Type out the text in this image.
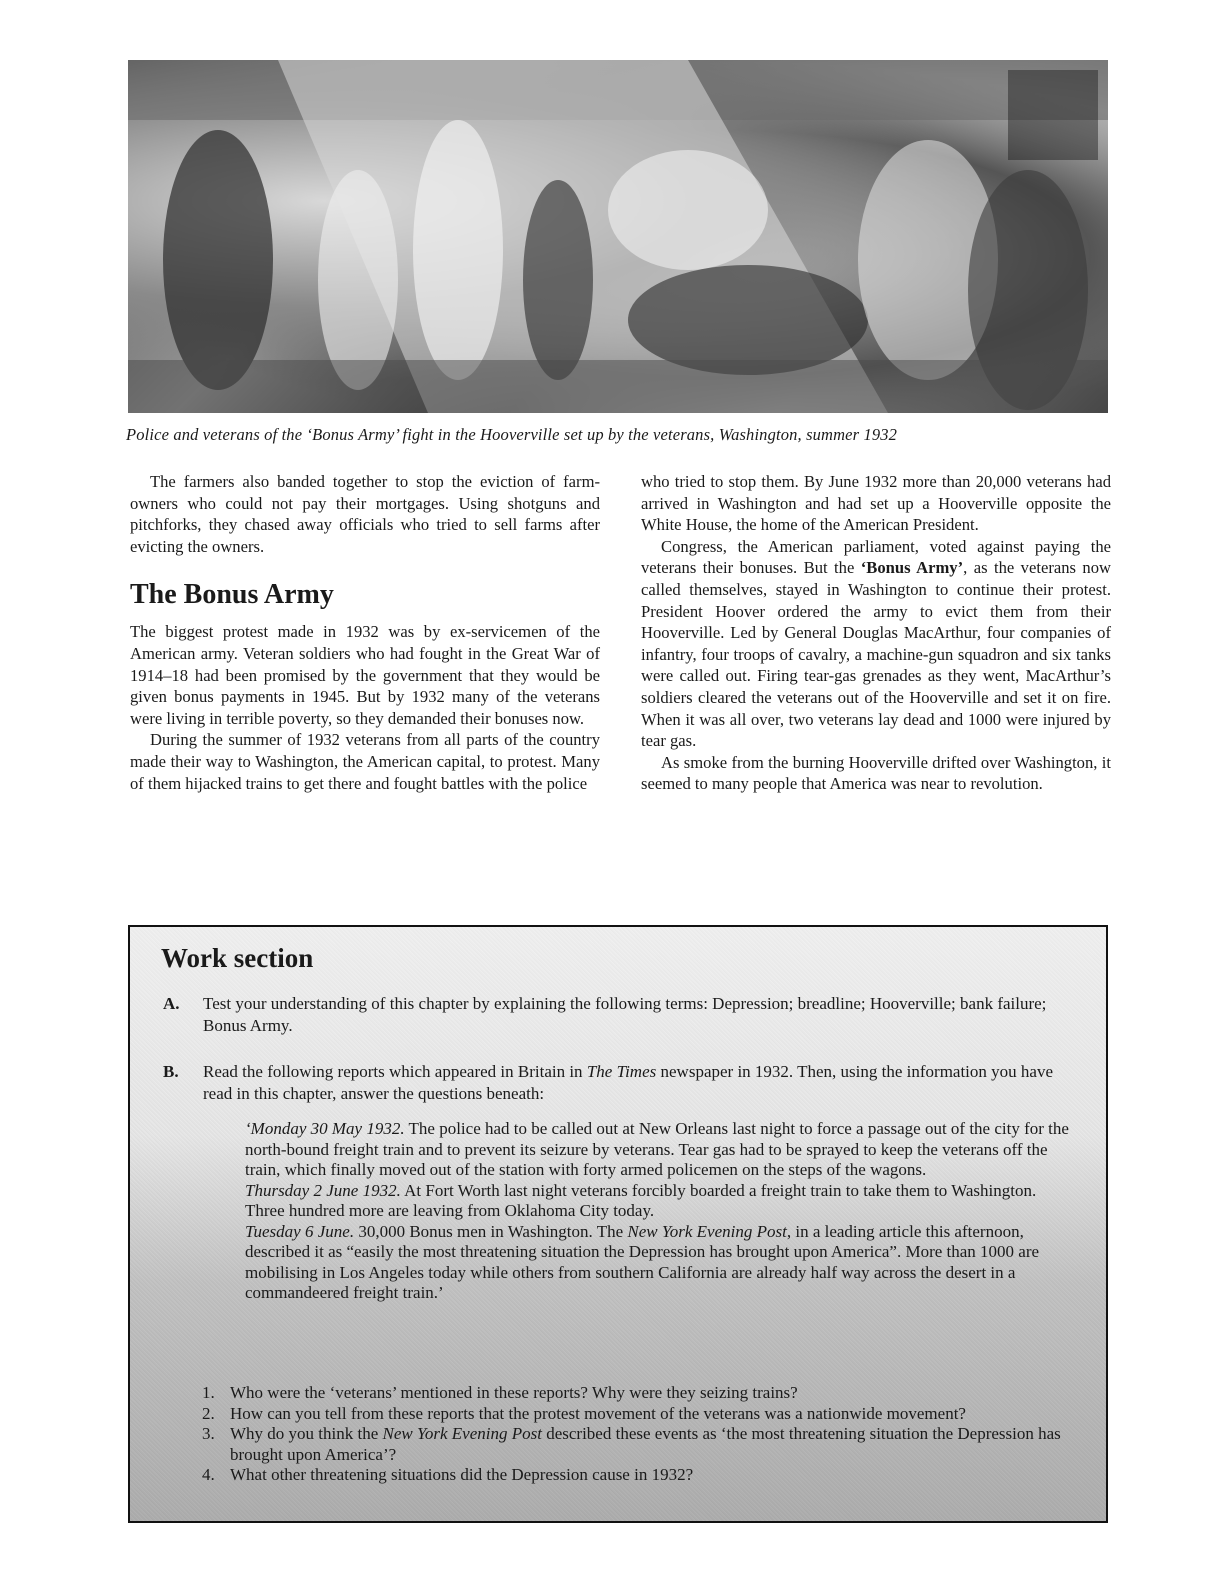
Police and veterans of the ‘Bonus Army’ fight in the Hooverville set up by the veterans, Washington, summer 1932

The farmers also banded together to stop the eviction of farm-owners who could not pay their mortgages. Using shotguns and pitchforks, they chased away officials who tried to sell farms after evicting the owners.

The Bonus Army

The biggest protest made in 1932 was by ex-servicemen of the American army. Veteran soldiers who had fought in the Great War of 1914–18 had been promised by the government that they would be given bonus payments in 1945. But by 1932 many of the veterans were living in terrible poverty, so they demanded their bonuses now.

During the summer of 1932 veterans from all parts of the country made their way to Washington, the American capital, to protest. Many of them hijacked trains to get there and fought battles with the police

who tried to stop them. By June 1932 more than 20,000 veterans had arrived in Washington and had set up a Hooverville opposite the White House, the home of the American President.

Congress, the American parliament, voted against paying the veterans their bonuses. But the ‘Bonus Army’, as the veterans now called themselves, stayed in Washington to continue their protest. President Hoover ordered the army to evict them from their Hooverville. Led by General Douglas MacArthur, four companies of infantry, four troops of cavalry, a machine-gun squadron and six tanks were called out. Firing tear-gas grenades as they went, MacArthur’s soldiers cleared the veterans out of the Hooverville and set it on fire. When it was all over, two veterans lay dead and 1000 were injured by tear gas.

As smoke from the burning Hooverville drifted over Washington, it seemed to many people that America was near to revolution.

Work section
A. Test your understanding of this chapter by explaining the following terms: Depression; breadline; Hooverville; bank failure; Bonus Army.
B. Read the following reports which appeared in Britain in The Times newspaper in 1932. Then, using the information you have read in this chapter, answer the questions beneath:

‘Monday 30 May 1932. The police had to be called out at New Orleans last night to force a passage out of the city for the north-bound freight train and to prevent its seizure by veterans. Tear gas had to be sprayed to keep the veterans off the train, which finally moved out of the station with forty armed policemen on the steps of the wagons.

Thursday 2 June 1932. At Fort Worth last night veterans forcibly boarded a freight train to take them to Washington. Three hundred more are leaving from Oklahoma City today.

Tuesday 6 June. 30,000 Bonus men in Washington. The New York Evening Post, in a leading article this afternoon, described it as “easily the most threatening situation the Depression has brought upon America”. More than 1000 are mobilising in Los Angeles today while others from southern California are already half way across the desert in a commandeered freight train.’

1. Who were the ‘veterans’ mentioned in these reports? Why were they seizing trains?
2. How can you tell from these reports that the protest movement of the veterans was a nationwide movement?
3. Why do you think the New York Evening Post described these events as ‘the most threatening situation the Depression has brought upon America’?
4. What other threatening situations did the Depression cause in 1932?
